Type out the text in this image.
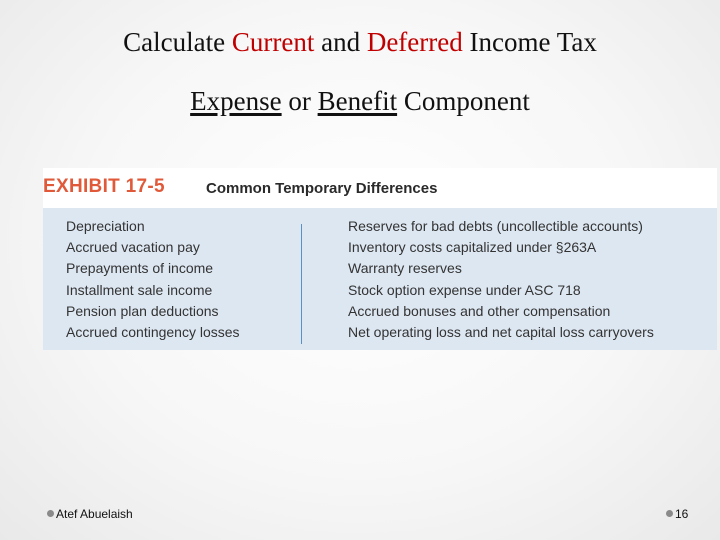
Calculate Current and Deferred Income Tax
Expense or Benefit Component
EXHIBIT 17-5	Common Temporary Differences
Depreciation
Accrued vacation pay
Prepayments of income
Installment sale income
Pension plan deductions
Accrued contingency losses
Reserves for bad debts (uncollectible accounts)
Inventory costs capitalized under §263A
Warranty reserves
Stock option expense under ASC 718
Accrued bonuses and other compensation
Net operating loss and net capital loss carryovers
Atef Abuelaish	16
